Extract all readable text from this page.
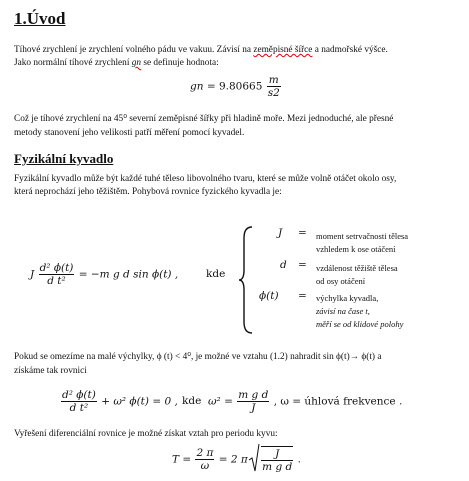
1.Úvod
Tíhové zrychlení je zrychlení volného pádu ve vakuu. Závisí na zeměpisné šířce a nadmořské výšce.
Jako normální tíhové zrychlení gn se definuje hodnota:
gn = $9.80665 \frac{m}{s2}$
Což je tíhové zrychlení na 45⁰ severní zeměpisné šířky při hladině moře. Mezi jednoduché, ale přesné
metody stanovení jeho velikosti patří měření pomocí kyvadel.
Fyzikální kyvadlo
Fyzikální kyvadlo může být každé tuhé těleso libovolného tvaru, které se může volně otáčet okolo osy,
která neprochází jeho těžištěm. Pohybová rovnice fyzického kyvadla je:
J $\frac{\text{d² ϕ(t)}}{\text{d t²}} = -m$ g d sin ϕ(t) ,	kde
J = moment setrvačnosti tělesa
vzhledem k ose otáčení
d = vzdálenost těžiště tělesa
od osy otáčení
ϕ(t) = výchylka kyvadla,
závisí na čase t,
měří se od klidové polohy
Pokud se omezíme na malé výchylky, ϕ (t) < 4⁰, je možné ve vztahu (1.2) nahradit sin ϕ(t)→ ϕ(t) a
získáme tak rovnici
$\frac{\text{d² ϕ(t)}}{\text{d t²}} + \omega^2$ ϕ(t) = 0 , kde $\omega^2 = \frac{\text{m g d}}{J}$ , ω = úhlová frekvence .
Vyřešení diferenciální rovnice je možné získat vztah pro periodu kyvu:
$T = \frac{2 \pi}{\omega} = 2$ π $\frac{J}{\text{m g d}}$ .
